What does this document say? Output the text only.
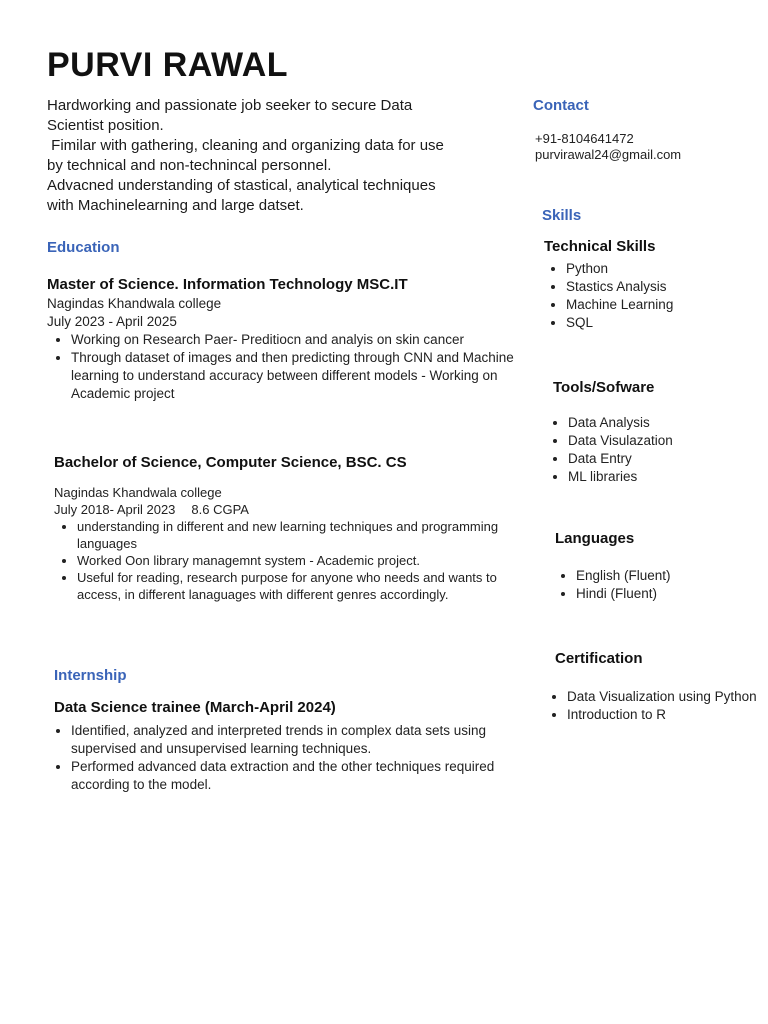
PURVI RAWAL
Hardworking and passionate job seeker to secure Data
Scientist position.
Fimilar with gathering, cleaning and organizing data for use
by technical and non-technincal personnel.
Advacned understanding of stastical, analytical techniques
with Machinelearning and large datset.
Education
Master of Science. Information Technology MSC.IT
Nagindas Khandwala college
July 2023 - April 2025
• Working on Research Paer- Preditiocn and analyis on skin cancer
• Through dataset of images and then predicting through CNN and Machine learning to understand accuracy between different models - Working on Academic project
Bachelor of Science, Computer Science, BSC. CS
Nagindas Khandwala college
July 2018- April 2023 8.6 CGPA
• understanding in different and new learning techniques and programming languages
• Worked Oon library managemnt system - Academic project.
• Useful for reading, research purpose for anyone who needs and wants to access, in different lanaguages with different genres accordingly.
Internship
Data Science trainee (March-April 2024)
• Identified, analyzed and interpreted trends in complex data sets using supervised and unsupervised learning techniques.
• Performed advanced data extraction and the other techniques required according to the model.
Contact
+91-8104641472
purvirawal24@gmail.com
Skills
Technical Skills
• Python
• Stastics Analysis
• Machine Learning
• SQL
Tools/Sofware
• Data Analysis
• Data Visulazation
• Data Entry
• ML libraries
Languages
• English (Fluent)
• Hindi (Fluent)
Certification
• Data Visualization using Python
• Introduction to R
